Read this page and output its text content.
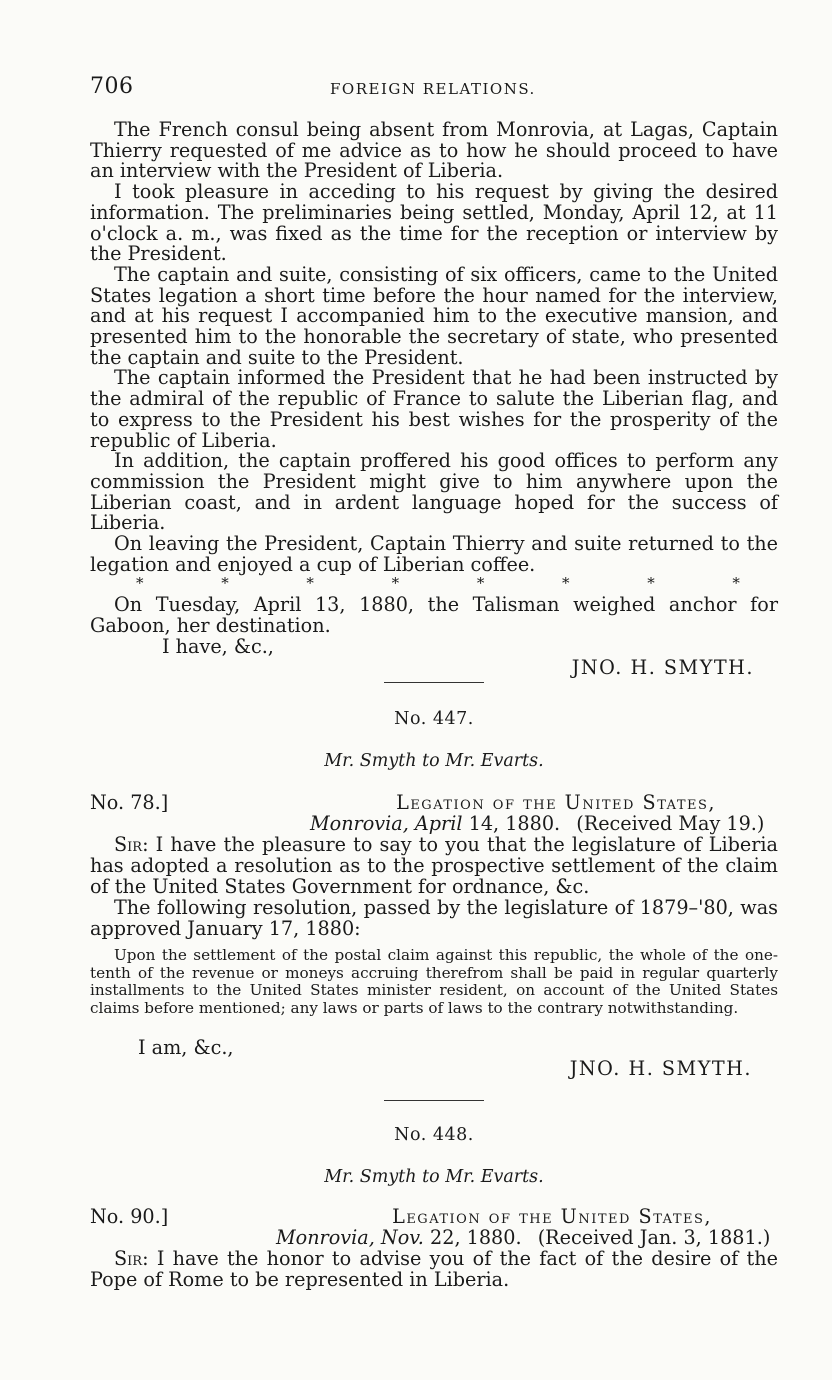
706	FOREIGN RELATIONS.

The French consul being absent from Monrovia, at Lagas, Captain Thierry requested of me advice as to how he should proceed to have an interview with the President of Liberia.

I took pleasure in acceding to his request by giving the desired information. The preliminaries being settled, Monday, April 12, at 11 o'clock a. m., was fixed as the time for the reception or interview by the President.

The captain and suite, consisting of six officers, came to the United States legation a short time before the hour named for the interview, and at his request I accompanied him to the executive mansion, and presented him to the honorable the secretary of state, who presented the captain and suite to the President.

The captain informed the President that he had been instructed by the admiral of the republic of France to salute the Liberian flag, and to express to the President his best wishes for the prosperity of the republic of Liberia.

In addition, the captain proffered his good offices to perform any commission the President might give to him anywhere upon the Liberian coast, and in ardent language hoped for the success of Liberia.

On leaving the President, Captain Thierry and suite returned to the legation and enjoyed a cup of Liberian coffee.

*	*	*	*	*	*	*	*

On Tuesday, April 13, 1880, the Talisman weighed anchor for Gaboon, her destination.

I have, &c.,

JNO. H. SMYTH.
No. 447.
Mr. Smyth to Mr. Evarts.
No. 78.]	Legation of the United States,
Monrovia, April 14, 1880. (Received May 19.)
Sir: I have the pleasure to say to you that the legislature of Liberia has adopted a resolution as to the prospective settlement of the claim of the United States Government for ordnance, &c.
The following resolution, passed by the legislature of 1879–'80, was approved January 17, 1880:

Upon the settlement of the postal claim against this republic, the whole of the one-tenth of the revenue or moneys accruing therefrom shall be paid in regular quarterly installments to the United States minister resident, on account of the United States claims before mentioned; any laws or parts of laws to the contrary notwithstanding.

I am, &c.,
JNO. H. SMYTH.
No. 448.
Mr. Smyth to Mr. Evarts.
No. 90.]	Legation of the United States,
Monrovia, Nov. 22, 1880. (Received Jan. 3, 1881.)
Sir: I have the honor to advise you of the fact of the desire of the Pope of Rome to be represented in Liberia.
